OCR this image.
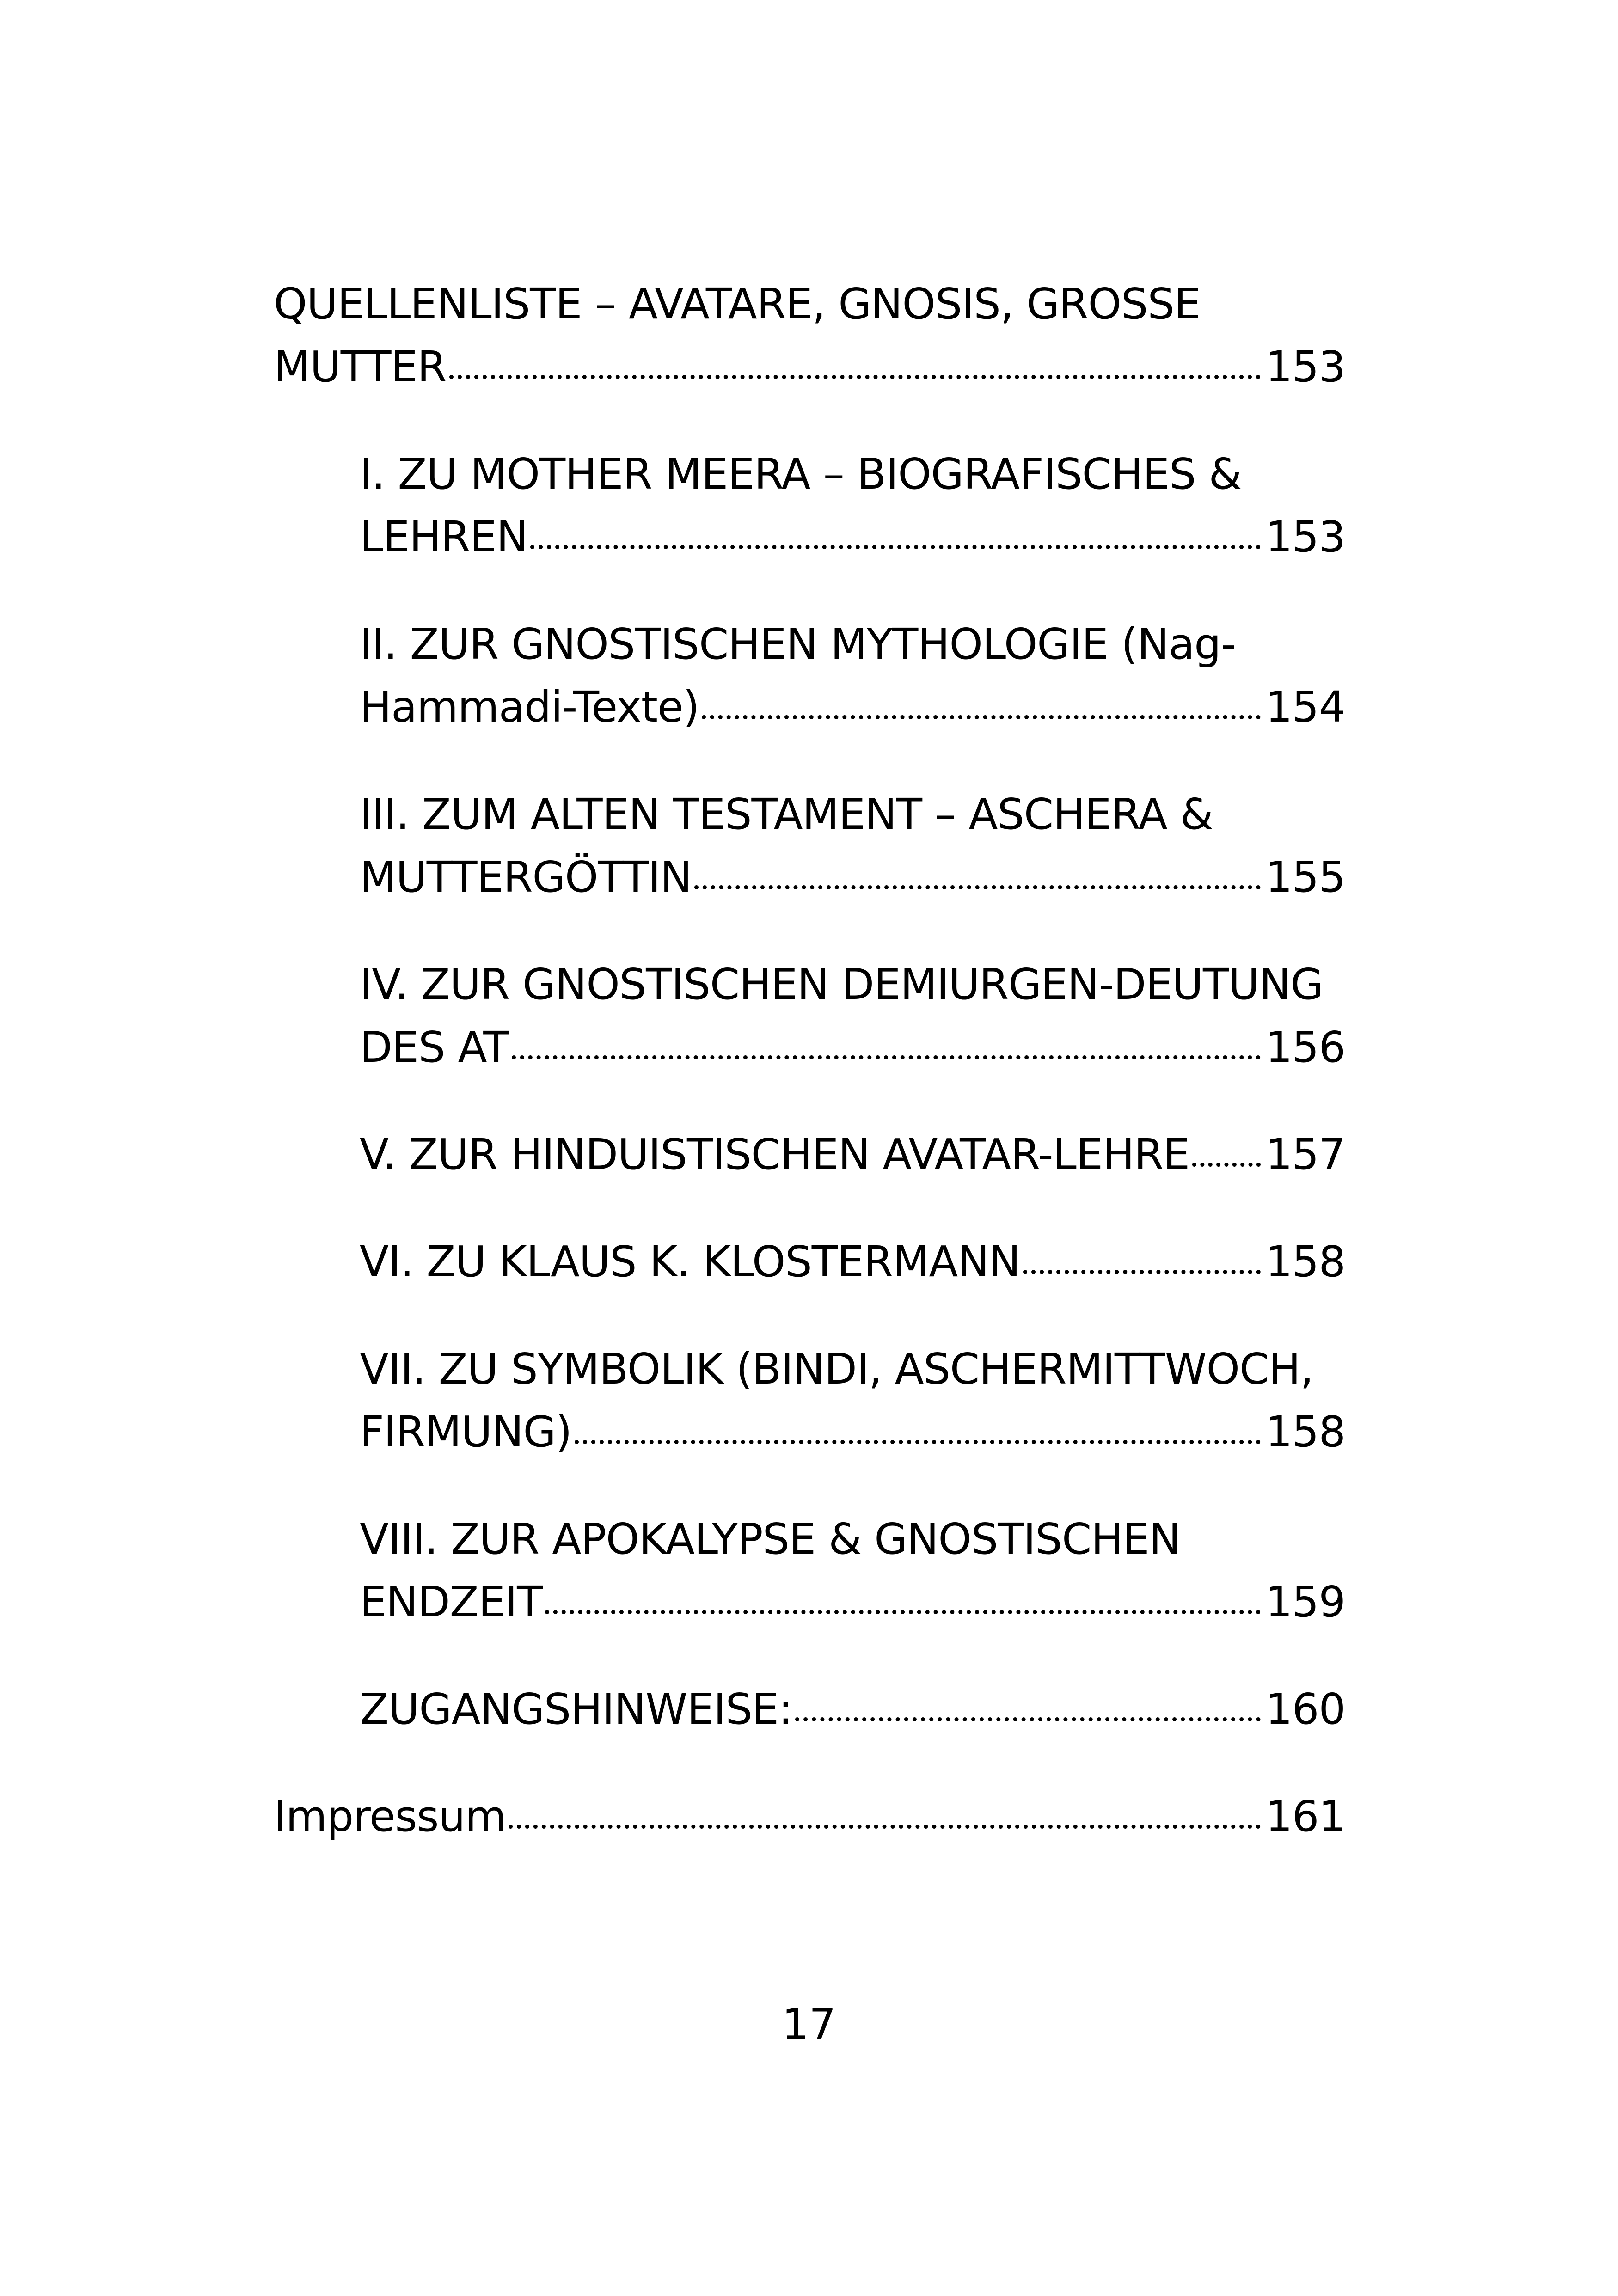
QUELLENLISTE – AVATARE, GNOSIS, GROSSE
MUTTER	153
I. ZU MOTHER MEERA – BIOGRAFISCHES &
LEHREN	153
II. ZUR GNOSTISCHEN MYTHOLOGIE (Nag-
Hammadi-Texte)	154
III. ZUM ALTEN TESTAMENT – ASCHERA &
MUTTERGÖTTIN	155
IV. ZUR GNOSTISCHEN DEMIURGEN-DEUTUNG
DES AT	156
V. ZUR HINDUISTISCHEN AVATAR-LEHRE 157
VI. ZU KLAUS K. KLOSTERMANN	158
VII. ZU SYMBOLIK (BINDI, ASCHERMITTWOCH,
FIRMUNG)	158
VIII. ZUR APOKALYPSE & GNOSTISCHEN
ENDZEIT	159
ZUGANGSHINWEISE:	160
Impressum	161
17
